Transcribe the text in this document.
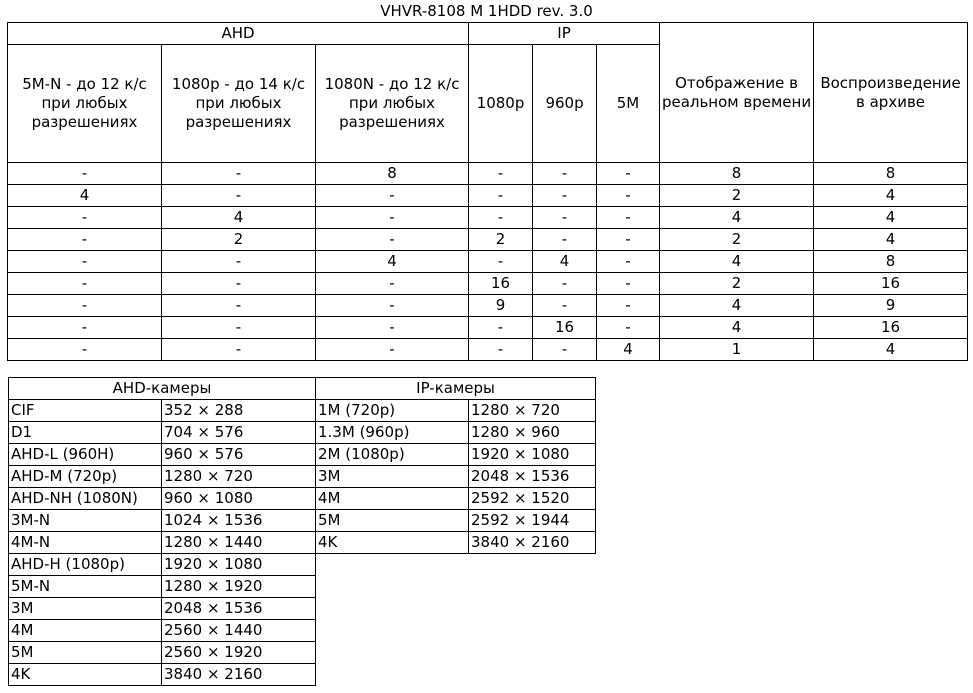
VHVR-8108 M 1HDD rev. 3.0
AHD			IP			Отображение в реальном времени	Воспроизведение в архиве
5M-N - до 12 к/с при любых разрешениях	1080p - до 14 к/с при любых разрешениях	1080N - до 12 к/с при любых разрешениях	1080p	960p	5M		
-	-	8	-	-	-	8	8
4	-	-	-	-	-	2	4
-	4	-	-	-	-	4	4
-	2	-	2	-	-	2	4
-	-	4	-	4	-	4	8
-	-	-	16	-	-	2	16
-	-	-	9	-	-	4	9
-	-	-	-	16	-	4	16
-	-	-	-	-	4	1	4
AHD-камеры		IP-камеры	
CIF	352 × 288	1M (720p)	1280 × 720
D1	704 × 576	1.3M (960p)	1280 × 960
AHD-L (960H)	960 × 576	2M (1080p)	1920 × 1080
AHD-M (720p)	1280 × 720	3M	2048 × 1536
AHD-NH (1080N)	960 × 1080	4M	2592 × 1520
3M-N	1024 × 1536	5M	2592 × 1944
4M-N	1280 × 1440	4K	3840 × 2160
AHD-H (1080p)	1920 × 1080		
5M-N	1280 × 1920		
3M	2048 × 1536		
4M	2560 × 1440		
5M	2560 × 1920		
4K	3840 × 2160		
